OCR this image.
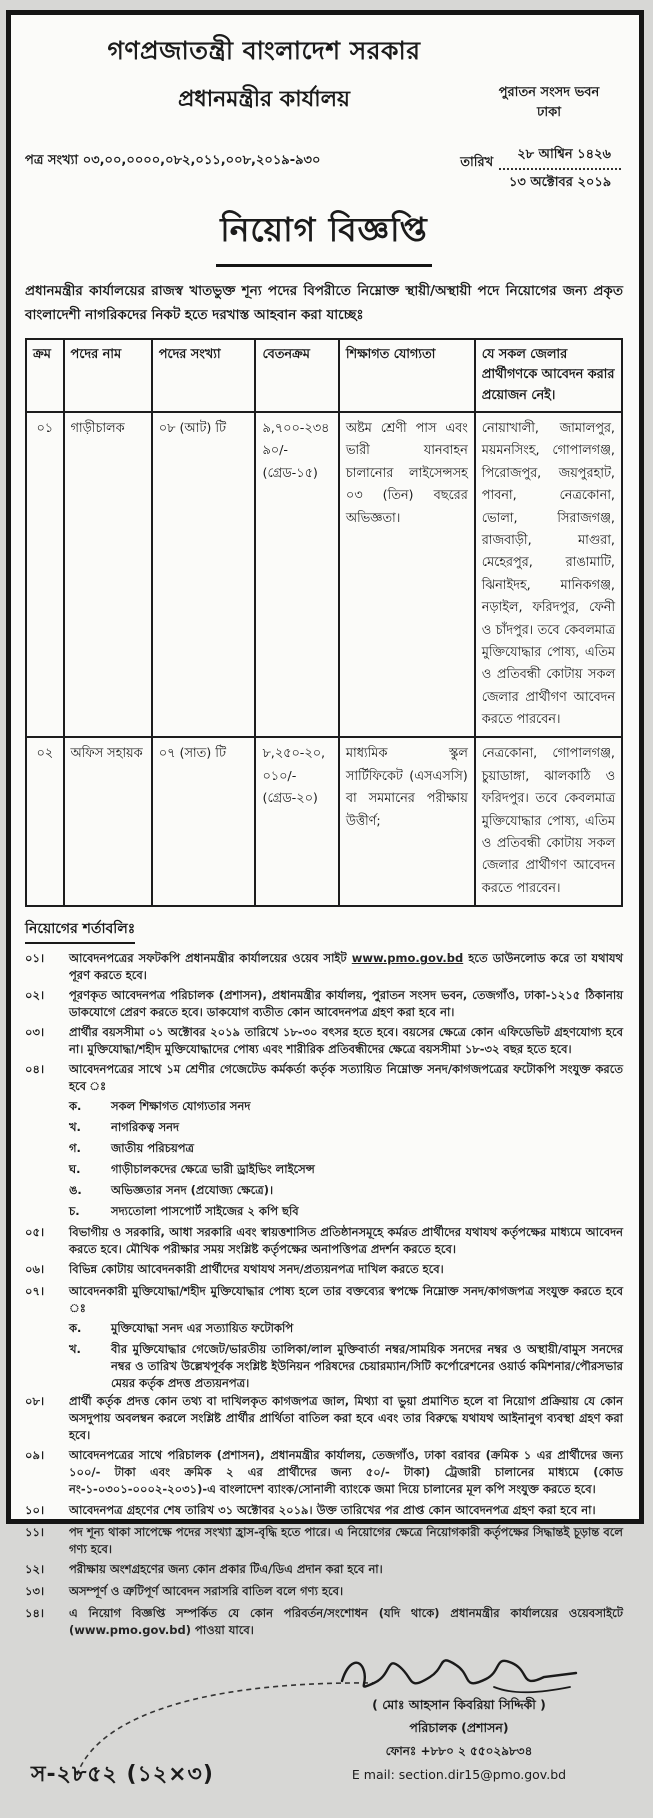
গণপ্রজাতন্ত্রী বাংলাদেশ সরকার
প্রধানমন্ত্রীর কার্যালয়	পুরাতন সংসদ ভবন
ঢাকা
পত্র সংখ্যা ০৩,০০,০০০০,০৮২,০১১,০০৮,২০১৯-৯৩০	তারিখ
২৮ আশ্বিন ১৪২৬
১৩ অক্টোবর ২০১৯
নিয়োগ বিজ্ঞপ্তি
প্রধানমন্ত্রীর কার্যালয়ের রাজস্ব খাতভুক্ত শূন্য পদের বিপরীতে নিম্নোক্ত স্থায়ী/অস্থায়ী পদে নিয়োগের জন্য প্রকৃত বাংলাদেশী নাগরিকদের নিকট হতে দরখাস্ত আহবান করা যাচ্ছেঃ
ক্রম	পদের নাম	পদের সংখ্যা	বেতনক্রম	শিক্ষাগত যোগ্যতা	যে সকল জেলার প্রার্থীগণকে আবেদন করার প্রয়োজন নেই।
০১	গাড়ীচালক	০৮ (আট) টি	৯,৭০০-২৩৪৯০/- (গ্রেড-১৫)	অষ্টম শ্রেণী পাস এবং ভারী যানবাহন চালানোর লাইসেন্সসহ ০৩ (তিন) বছরের অভিজ্ঞতা।	নোয়াখালী, জামালপুর, ময়মনসিংহ, গোপালগঞ্জ, পিরোজপুর, জয়পুরহাট, পাবনা, নেত্রকোনা, ভোলা, সিরাজগঞ্জ, রাজবাড়ী, মাগুরা, মেহেরপুর, রাঙামাটি, ঝিনাইদহ, মানিকগঞ্জ, নড়াইল, ফরিদপুর, ফেনী ও চাঁদপুর। তবে কেবলমাত্র মুক্তিযোদ্ধার পোষ্য, এতিম ও প্রতিবন্ধী কোটায় সকল জেলার প্রার্থীগণ আবেদন করতে পারবেন।
০২	অফিস সহায়ক	০৭ (সাত) টি	৮,২৫০-২০,০১০/- (গ্রেড-২০)	মাধ্যমিক স্কুল সার্টিফিকেট (এসএসসি) বা সমমানের পরীক্ষায় উত্তীর্ণ;	নেত্রকোনা, গোপালগঞ্জ, চুয়াডাঙ্গা, ঝালকাঠি ও ফরিদপুর। তবে কেবলমাত্র মুক্তিযোদ্ধার পোষ্য, এতিম ও প্রতিবন্ধী কোটায় সকল জেলার প্রার্থীগণ আবেদন করতে পারবেন।
নিয়োগের শর্তাবলিঃ
০১।	আবেদনপত্রের সফটকপি প্রধানমন্ত্রীর কার্যালয়ের ওয়েব সাইট www.pmo.gov.bd হতে ডাউনলোড করে তা যথাযথ পূরণ করতে হবে।
০২।	পূরণকৃত আবেদনপত্র পরিচালক (প্রশাসন), প্রধানমন্ত্রীর কার্যালয়, পুরাতন সংসদ ভবন, তেজগাঁও, ঢাকা-১২১৫ ঠিকানায় ডাকযোগে প্রেরণ করতে হবে। ডাকযোগ ব্যতীত কোন আবেদনপত্র গ্রহণ করা হবে না।
০৩।	প্রার্থীর বয়সসীমা ০১ অক্টোবর ২০১৯ তারিখে ১৮-৩০ বৎসর হতে হবে। বয়সের ক্ষেত্রে কোন এফিডেভিট গ্রহণযোগ্য হবে না। মুক্তিযোদ্ধা/শহীদ মুক্তিযোদ্ধাদের পোষ্য এবং শারীরিক প্রতিবন্ধীদের ক্ষেত্রে বয়সসীমা ১৮-৩২ বছর হতে হবে।
০৪।	আবেদনপত্রের সাথে ১ম শ্রেণীর গেজেটেড কর্মকর্তা কর্তৃক সত্যায়িত নিম্নোক্ত সনদ/কাগজপত্রের ফটোকপি সংযুক্ত করতে হবে ঃ
ক.	সকল শিক্ষাগত যোগ্যতার সনদ
খ.	নাগরিকত্ব সনদ
গ.	জাতীয় পরিচয়পত্র
ঘ.	গাড়ীচালকদের ক্ষেত্রে ভারী ড্রাইভিং লাইসেন্স
ঙ.	অভিজ্ঞতার সনদ (প্রযোজ্য ক্ষেত্রে)।
চ.	সদ্যতোলা পাসপোর্ট সাইজের ২ কপি ছবি
০৫।	বিভাগীয় ও সরকারি, আধা সরকারি এবং স্বায়ত্তশাসিত প্রতিষ্ঠানসমূহে কর্মরত প্রার্থীদের যথাযথ কর্তৃপক্ষের মাধ্যমে আবেদন করতে হবে। মৌখিক পরীক্ষার সময় সংশ্লিষ্ট কর্তৃপক্ষের অনাপত্তিপত্র প্রদর্শন করতে হবে।
০৬।	বিভিন্ন কোটায় আবেদনকারী প্রার্থীদের যথাযথ সনদ/প্রত্যয়নপত্র দাখিল করতে হবে।
০৭।	আবেদনকারী মুক্তিযোদ্ধা/শহীদ মুক্তিযোদ্ধার পোষ্য হলে তার বক্তব্যের স্বপক্ষে নিম্নোক্ত সনদ/কাগজপত্র সংযুক্ত করতে হবে ঃ
ক.	মুক্তিযোদ্ধা সনদ এর সত্যায়িত ফটোকপি
খ.	বীর মুক্তিযোদ্ধার গেজেট/ভারতীয় তালিকা/লাল মুক্তিবার্তা নম্বর/সাময়িক সনদের নম্বর ও অস্থায়ী/বামুস সনদের নম্বর ও তারিখ উল্লেখপূর্বক সংশ্লিষ্ট ইউনিয়ন পরিষদের চেয়ারম্যান/সিটি কর্পোরেশনের ওয়ার্ড কমিশনার/পৌরসভার মেয়র কর্তৃক প্রদত্ত প্রত্যয়নপত্র।
০৮।	প্রার্থী কর্তৃক প্রদত্ত কোন তথ্য বা দাখিলকৃত কাগজপত্র জাল, মিথ্যা বা ভুয়া প্রমাণিত হলে বা নিয়োগ প্রক্রিয়ায় যে কোন অসদুপায় অবলম্বন করলে সংশ্লিষ্ট প্রার্থীর প্রার্থিতা বাতিল করা হবে এবং তার বিরুদ্ধে যথাযথ আইনানুগ ব্যবস্থা গ্রহণ করা হবে।
০৯।	আবেদনপত্রের সাথে পরিচালক (প্রশাসন), প্রধানমন্ত্রীর কার্যালয়, তেজগাঁও, ঢাকা বরাবর (ক্রমিক ১ এর প্রার্থীদের জন্য ১০০/- টাকা এবং ক্রমিক ২ এর প্রার্থীদের জন্য ৫০/- টাকা) ট্রেজারী চালানের মাধ্যমে (কোড নং-১-০৩০১-০০০২-২০৩১)-এ বাংলাদেশ ব্যাংক/সোনালী ব্যাংকে জমা দিয়ে চালানের মূল কপি সংযুক্ত করতে হবে।
১০।	আবেদনপত্র গ্রহণের শেষ তারিখ ৩১ অক্টোবর ২০১৯। উক্ত তারিখের পর প্রাপ্ত কোন আবেদনপত্র গ্রহণ করা হবে না।
১১।	পদ শূন্য থাকা সাপেক্ষে পদের সংখ্যা হ্রাস-বৃদ্ধি হতে পারে। এ নিয়োগের ক্ষেত্রে নিয়োগকারী কর্তৃপক্ষের সিদ্ধান্তই চূড়ান্ত বলে গণ্য হবে।
১২।	পরীক্ষায় অংশগ্রহণের জন্য কোন প্রকার টিএ/ডিএ প্রদান করা হবে না।
১৩।	অসম্পূর্ণ ও ত্রুটিপূর্ণ আবেদন সরাসরি বাতিল বলে গণ্য হবে।
১৪।	এ নিয়োগ বিজ্ঞপ্তি সম্পর্কিত যে কোন পরিবর্তন/সংশোধন (যদি থাকে) প্রধানমন্ত্রীর কার্যালয়ের ওয়েবসাইটে (www.pmo.gov.bd) পাওয়া যাবে।
( মোঃ আহসান কিবরিয়া সিদ্দিকী )
পরিচালক (প্রশাসন)
ফোনঃ +৮৮০ ২ ৫৫০২৯৮৩৪
E mail: section.dir15@pmo.gov.bd
স-২৮৫২ (১২×৩)
